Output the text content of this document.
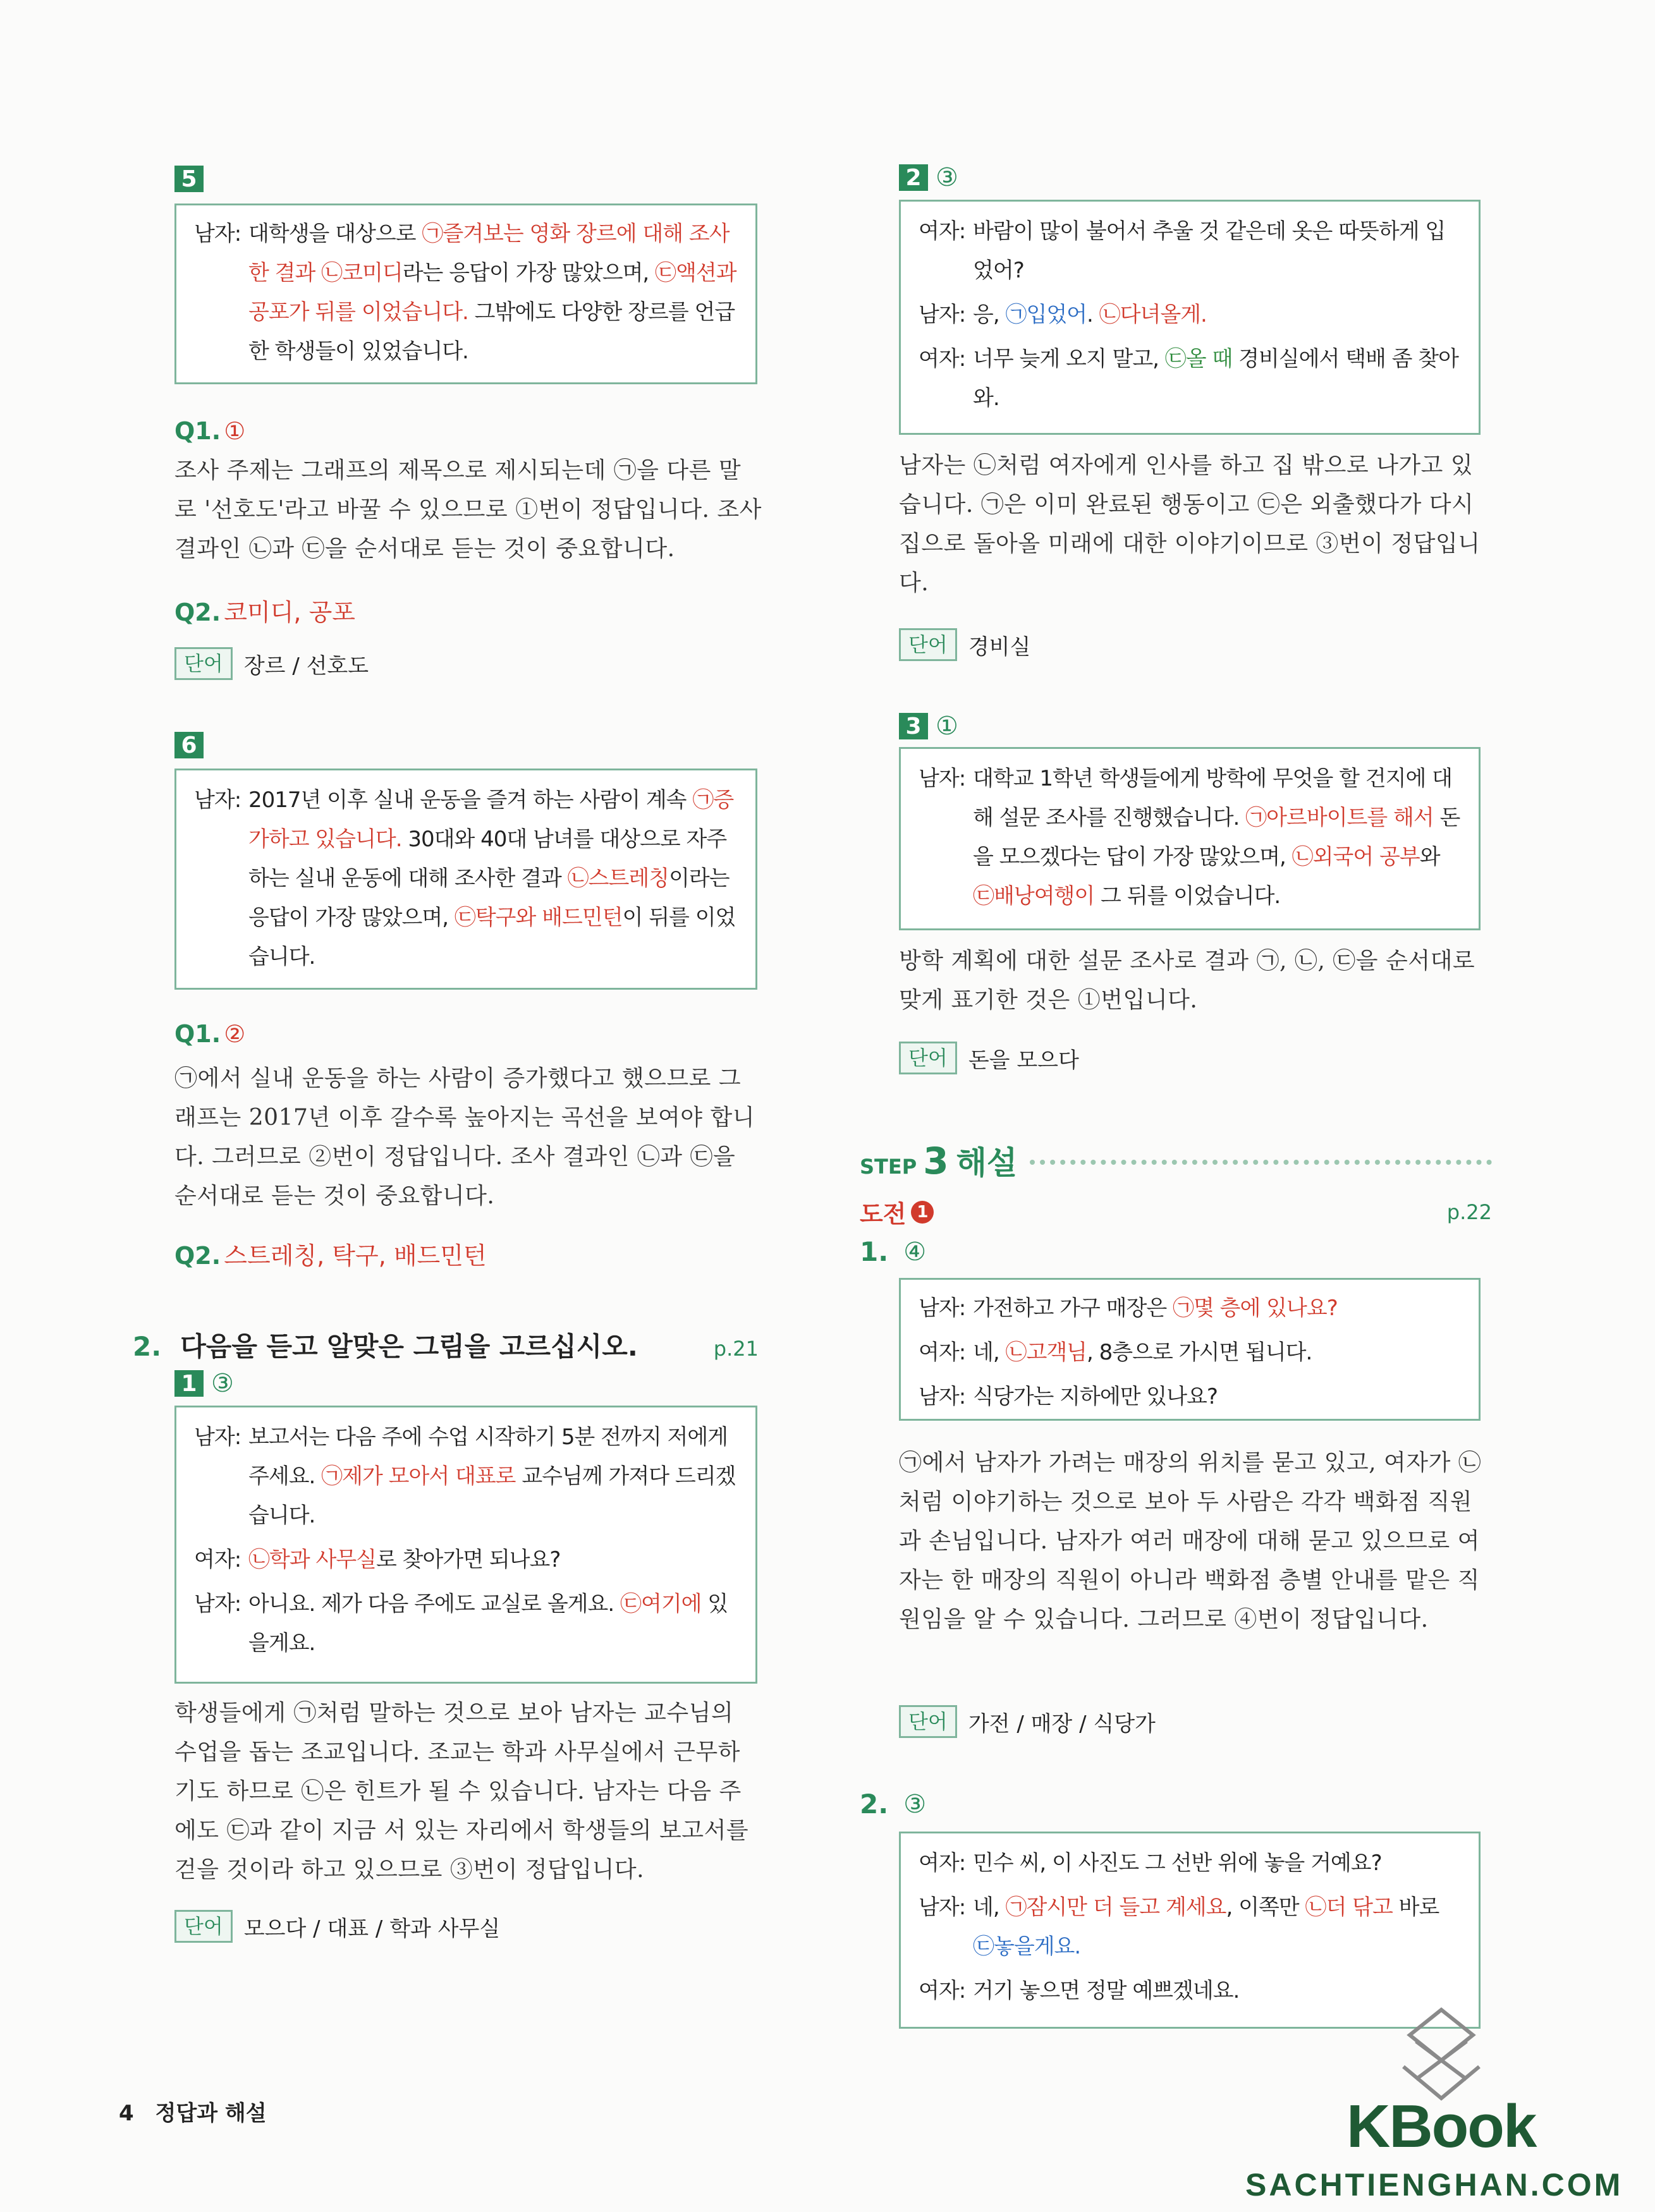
5
남자: 대학생을 대상으로 ㉠즐겨보는 영화 장르에 대해 조사한 결과 ㉡코미디라는 응답이 가장 많았으며, ㉢액션과 공포가 뒤를 이었습니다. 그밖에도 다양한 장르를 언급한 학생들이 있었습니다.
Q1. ①
조사 주제는 그래프의 제목으로 제시되는데 ㉠을 다른 말로 '선호도'라고 바꿀 수 있으므로 ①번이 정답입니다. 조사 결과인 ㉡과 ㉢을 순서대로 듣는 것이 중요합니다.
Q2. 코미디, 공포
단어 장르 / 선호도
6
남자: 2017년 이후 실내 운동을 즐겨 하는 사람이 계속 ㉠증가하고 있습니다. 30대와 40대 남녀를 대상으로 자주 하는 실내 운동에 대해 조사한 결과 ㉡스트레칭이라는 응답이 가장 많았으며, ㉢탁구와 배드민턴이 뒤를 이었습니다.
Q1. ②
㉠에서 실내 운동을 하는 사람이 증가했다고 했으므로 그래프는 2017년 이후 갈수록 높아지는 곡선을 보여야 합니다. 그러므로 ②번이 정답입니다. 조사 결과인 ㉡과 ㉢을 순서대로 듣는 것이 중요합니다.
Q2. 스트레칭, 탁구, 배드민턴
2. 다음을 듣고 알맞은 그림을 고르십시오.	p.21
1 ③
남자: 보고서는 다음 주에 수업 시작하기 5분 전까지 저에게 주세요. ㉠제가 모아서 대표로 교수님께 가져다 드리겠습니다.
여자: ㉡학과 사무실로 찾아가면 되나요?
남자: 아니요. 제가 다음 주에도 교실로 올게요. ㉢여기에 있을게요.
학생들에게 ㉠처럼 말하는 것으로 보아 남자는 교수님의 수업을 돕는 조교입니다. 조교는 학과 사무실에서 근무하기도 하므로 ㉡은 힌트가 될 수 있습니다. 남자는 다음 주에도 ㉢과 같이 지금 서 있는 자리에서 학생들의 보고서를 걷을 것이라 하고 있으므로 ③번이 정답입니다.
단어 모으다 / 대표 / 학과 사무실
4 정답과 해설
2 ③
여자: 바람이 많이 불어서 추울 것 같은데 옷은 따뜻하게 입었어?
남자: 응, ㉠입었어. ㉡다녀올게.
여자: 너무 늦게 오지 말고, ㉢올 때 경비실에서 택배 좀 찾아 와.
남자는 ㉡처럼 여자에게 인사를 하고 집 밖으로 나가고 있습니다. ㉠은 이미 완료된 행동이고 ㉢은 외출했다가 다시 집으로 돌아올 미래에 대한 이야기이므로 ③번이 정답입니다.
단어 경비실
3 ①
남자: 대학교 1학년 학생들에게 방학에 무엇을 할 건지에 대해 설문 조사를 진행했습니다. ㉠아르바이트를 해서 돈을 모으겠다는 답이 가장 많았으며, ㉡외국어 공부와 ㉢배낭여행이 그 뒤를 이었습니다.
방학 계획에 대한 설문 조사로 결과 ㉠, ㉡, ㉢을 순서대로 맞게 표기한 것은 ①번입니다.
단어 돈을 모으다
STEP 3 해설
도전 1	p.22
1. ④
남자: 가전하고 가구 매장은 ㉠몇 층에 있나요?
여자: 네, ㉡고객님, 8층으로 가시면 됩니다.
남자: 식당가는 지하에만 있나요?
㉠에서 남자가 가려는 매장의 위치를 묻고 있고, 여자가 ㉡처럼 이야기하는 것으로 보아 두 사람은 각각 백화점 직원과 손님입니다. 남자가 여러 매장에 대해 묻고 있으므로 여자는 한 매장의 직원이 아니라 백화점 층별 안내를 맡은 직원임을 알 수 있습니다. 그러므로 ④번이 정답입니다.
단어 가전 / 매장 / 식당가
2. ③
여자: 민수 씨, 이 사진도 그 선반 위에 놓을 거예요?
남자: 네, ㉠잠시만 더 들고 계세요, 이쪽만 ㉡더 닦고 바로 ㉢놓을게요.
여자: 거기 놓으면 정말 예쁘겠네요.
KBook
SACHTIENGHAN.COM
